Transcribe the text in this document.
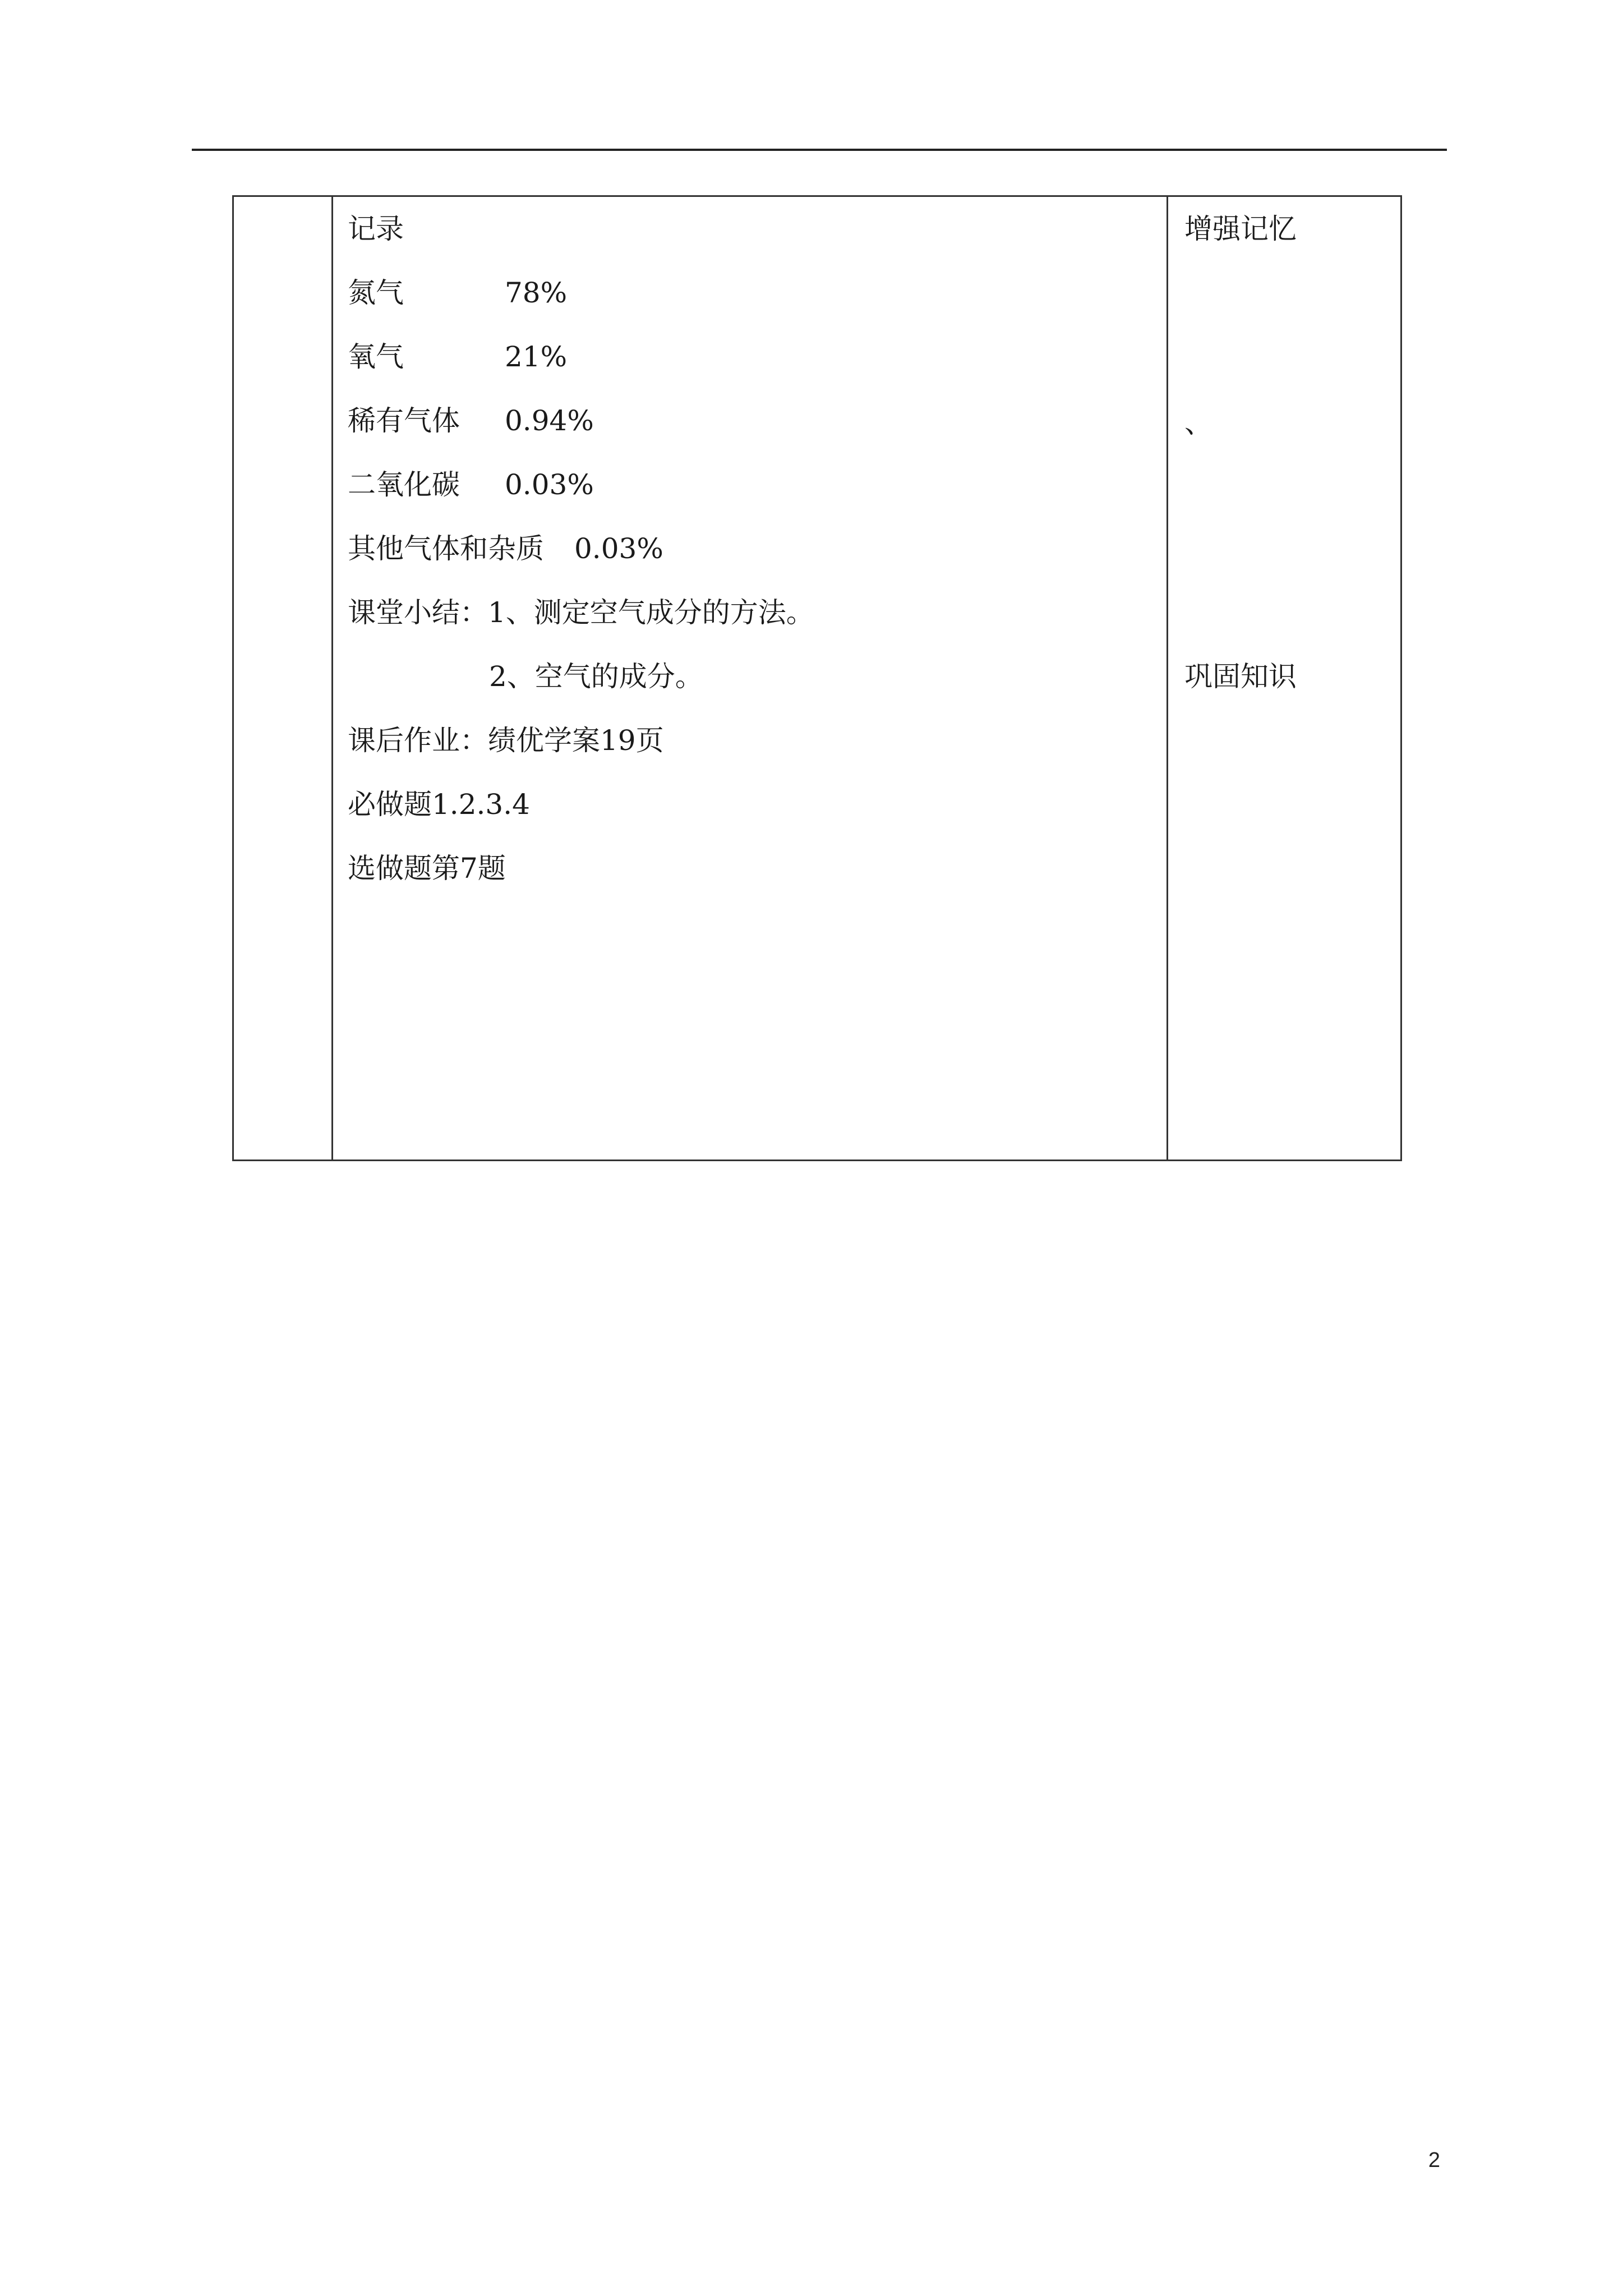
记录
氮气	78%
氧气	21%
稀有气体 0.94%
二氧化碳 0.03%
其他气体和杂质 0.03%
课堂小结：1、测定空气成分的方法。
2、空气的成分。
课后作业：绩优学案19页
必做题1.2.3.4
选做题第7题
增强记忆
、
巩固知识
2
